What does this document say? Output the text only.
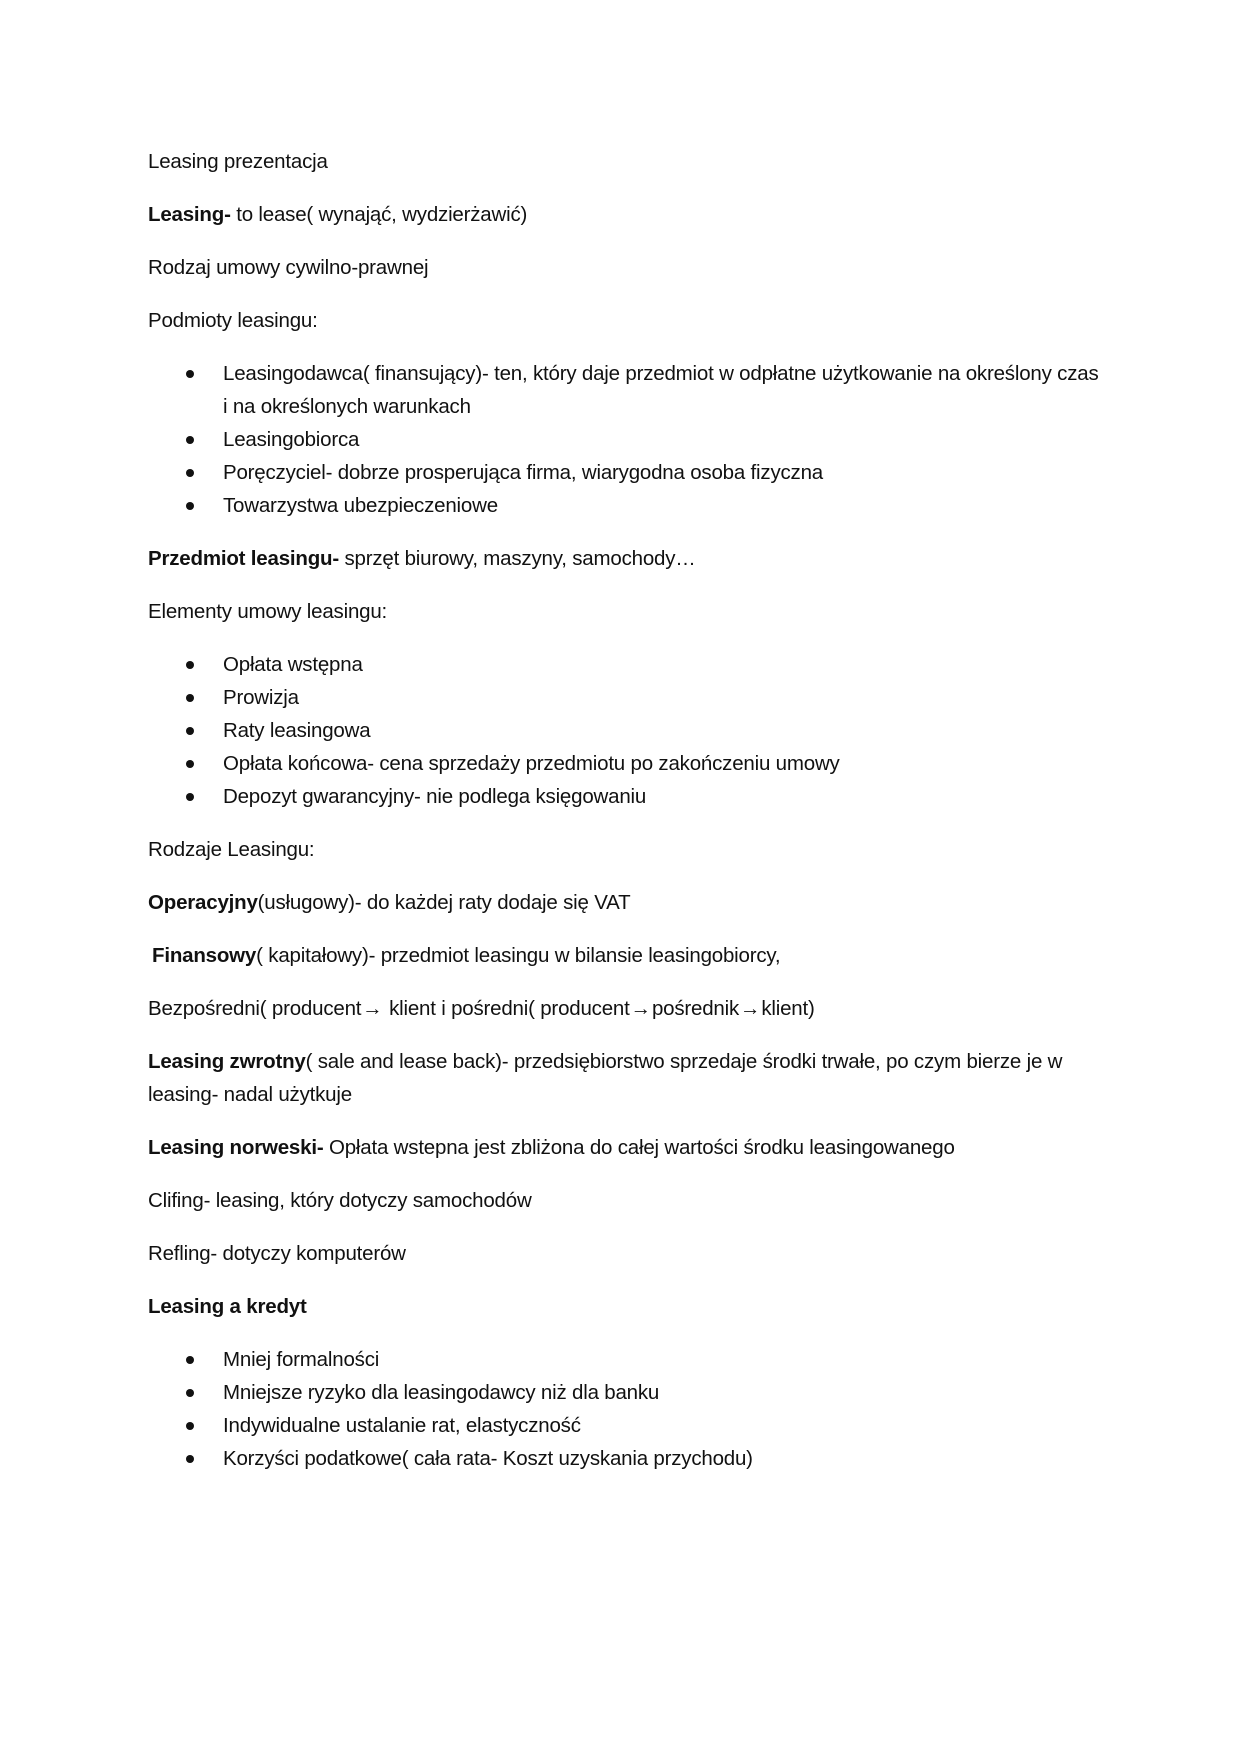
Leasing prezentacja

Leasing- to lease( wynająć, wydzierżawić)

Rodzaj umowy cywilno-prawnej

Podmioty leasingu:

Leasingodawca( finansujący)- ten, który daje przedmiot w odpłatne użytkowanie na określony czas i na określonych warunkach
Leasingobiorca
Poręczyciel- dobrze prosperująca firma, wiarygodna osoba fizyczna
Towarzystwa ubezpieczeniowe

Przedmiot leasingu- sprzęt biurowy, maszyny, samochody…

Elementy umowy leasingu:

Opłata wstępna
Prowizja
Raty leasingowa
Opłata końcowa- cena sprzedaży przedmiotu po zakończeniu umowy
Depozyt gwarancyjny- nie podlega księgowaniu

Rodzaje Leasingu:

Operacyjny(usługowy)- do każdej raty dodaje się VAT

Finansowy( kapitałowy)- przedmiot leasingu w bilansie leasingobiorcy,

Bezpośredni( producent→ klient i pośredni( producent→pośrednik→klient)

Leasing zwrotny( sale and lease back)- przedsiębiorstwo sprzedaje środki trwałe, po czym bierze je w leasing- nadal użytkuje

Leasing norweski- Opłata wstepna jest zbliżona do całej wartości środku leasingowanego

Clifing- leasing, który dotyczy samochodów

Refling- dotyczy komputerów

Leasing a kredyt

Mniej formalności
Mniejsze ryzyko dla leasingodawcy niż dla banku
Indywidualne ustalanie rat, elastyczność
Korzyści podatkowe( cała rata- Koszt uzyskania przychodu)
